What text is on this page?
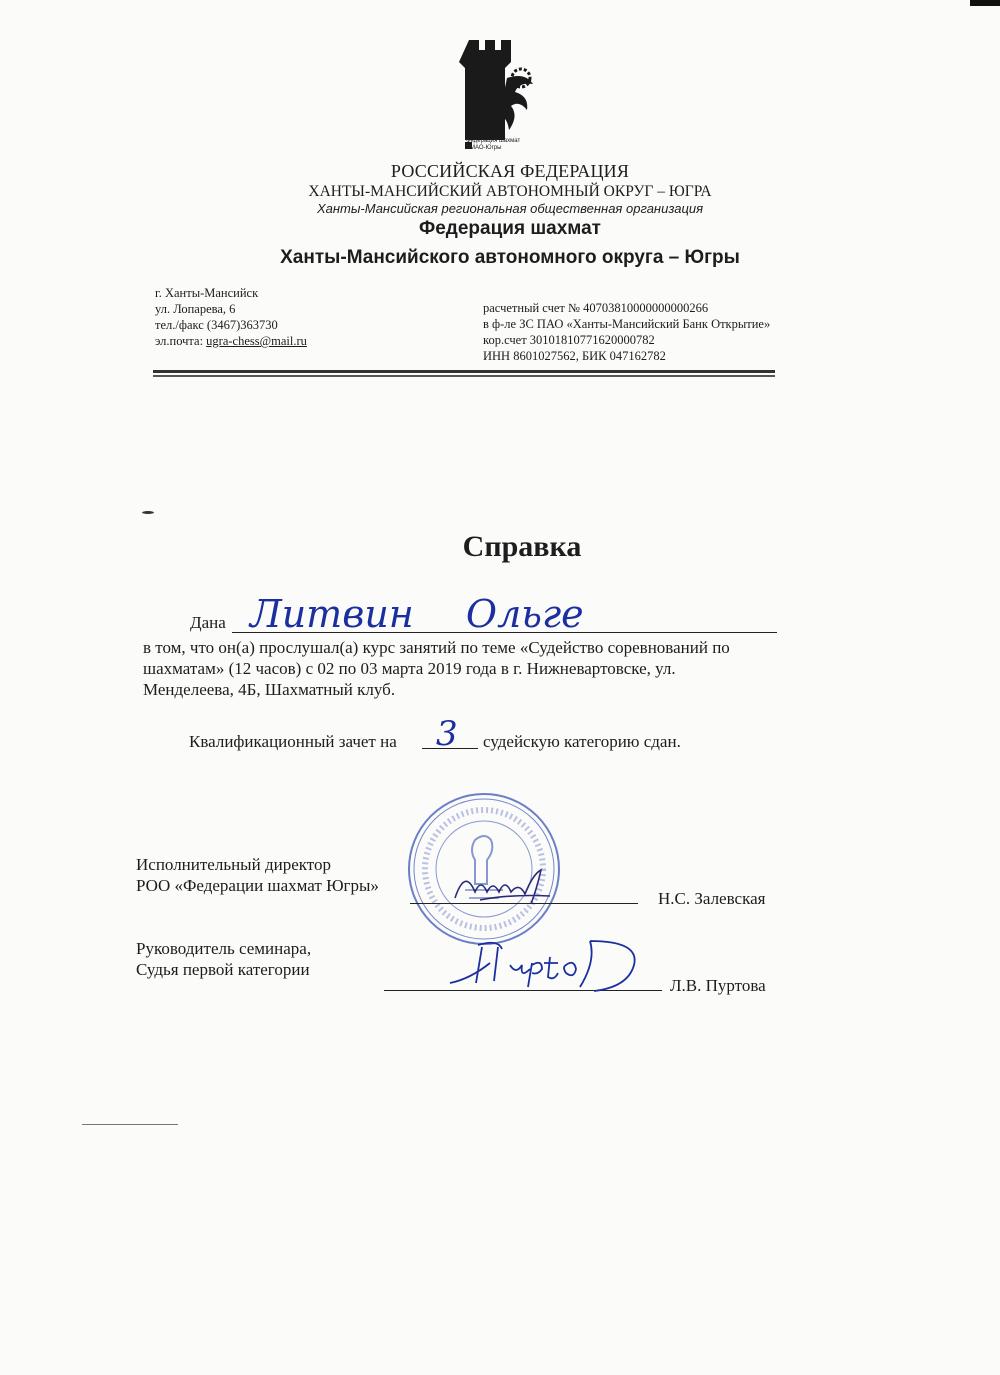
Федерация шахмат
ХМАО-Югры
РОССИЙСКАЯ ФЕДЕРАЦИЯ
ХАНТЫ-МАНСИЙСКИЙ АВТОНОМНЫЙ ОКРУГ – ЮГРА
Ханты-Мансийская региональная общественная организация
Федерация шахмат
Ханты-Мансийского автономного округа – Югры
г. Ханты-Мансийск
ул. Лопарева, 6
тел./факс (3467)363730
эл.почта: ugra-chess@mail.ru
расчетный счет № 40703810000000000266
в ф-ле ЗС ПАО «Ханты-Мансийский Банк Открытие»
кор.счет 30101810771620000782
ИНН 8601027562, БИК 047162782
Справка
Дана Литвин Ольге
в том, что он(а) прослушал(а) курс занятий по теме «Судейство соревнований по
шахматам» (12 часов) с 02 по 03 марта 2019 года в г. Нижневартовске, ул.
Менделеева, 4Б, Шахматный клуб.
Квалификационный зачет на 3 судейскую категорию сдан.
Исполнительный директор
РОО «Федерации шахмат Югры»
Н.С. Залевская
Руководитель семинара,
Судья первой категории
Л.В. Пуртова
